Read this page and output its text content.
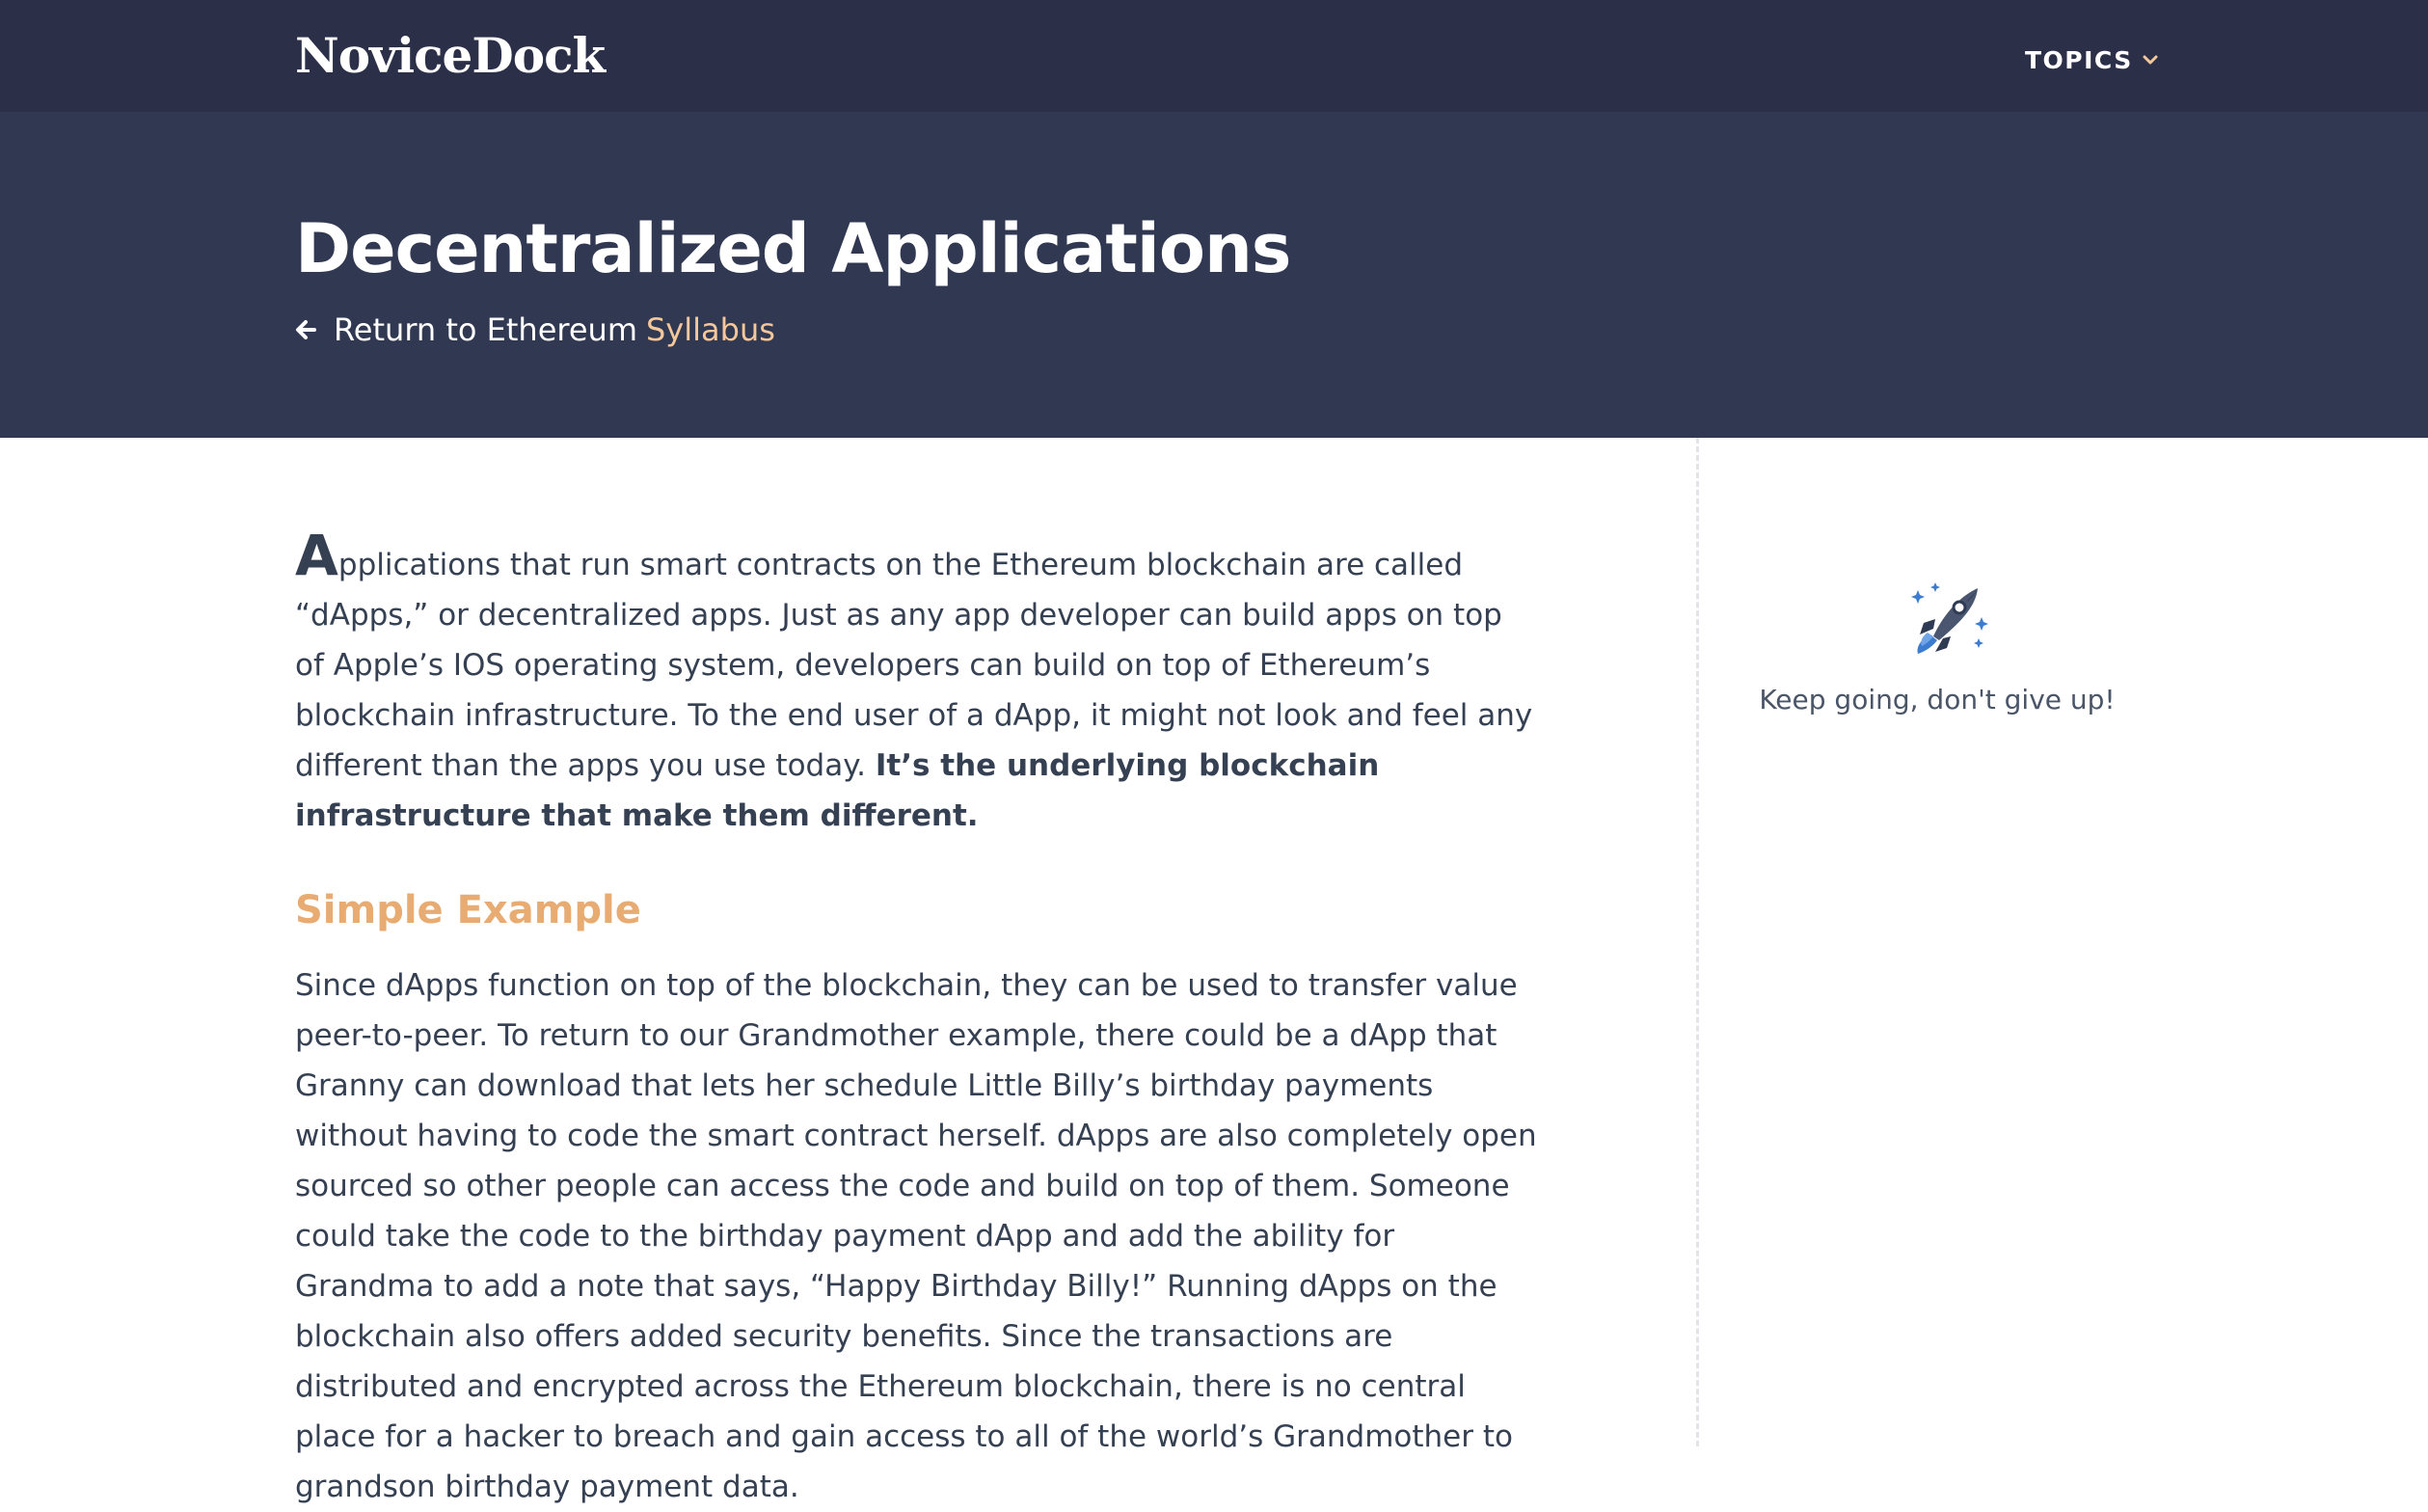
NoviceDock	TOPICS
Decentralized Applications
Return to Ethereum Syllabus

Applications that run smart contracts on the Ethereum blockchain are called “dApps,” or decentralized apps. Just as any app developer can build apps on top of Apple’s IOS operating system, developers can build on top of Ethereum’s blockchain infrastructure. To the end user of a dApp, it might not look and feel any different than the apps you use today. It’s the underlying blockchain infrastructure that make them different.

Simple Example

Since dApps function on top of the blockchain, they can be used to transfer value peer-to-peer. To return to our Grandmother example, there could be a dApp that Granny can download that lets her schedule Little Billy’s birthday payments without having to code the smart contract herself. dApps are also completely open sourced so other people can access the code and build on top of them. Someone could take the code to the birthday payment dApp and add the ability for Grandma to add a note that says, “Happy Birthday Billy!” Running dApps on the blockchain also offers added security benefits. Since the transactions are distributed and encrypted across the Ethereum blockchain, there is no central place for a hacker to breach and gain access to all of the world’s Grandmother to grandson birthday payment data.

Keep going, don't give up!
